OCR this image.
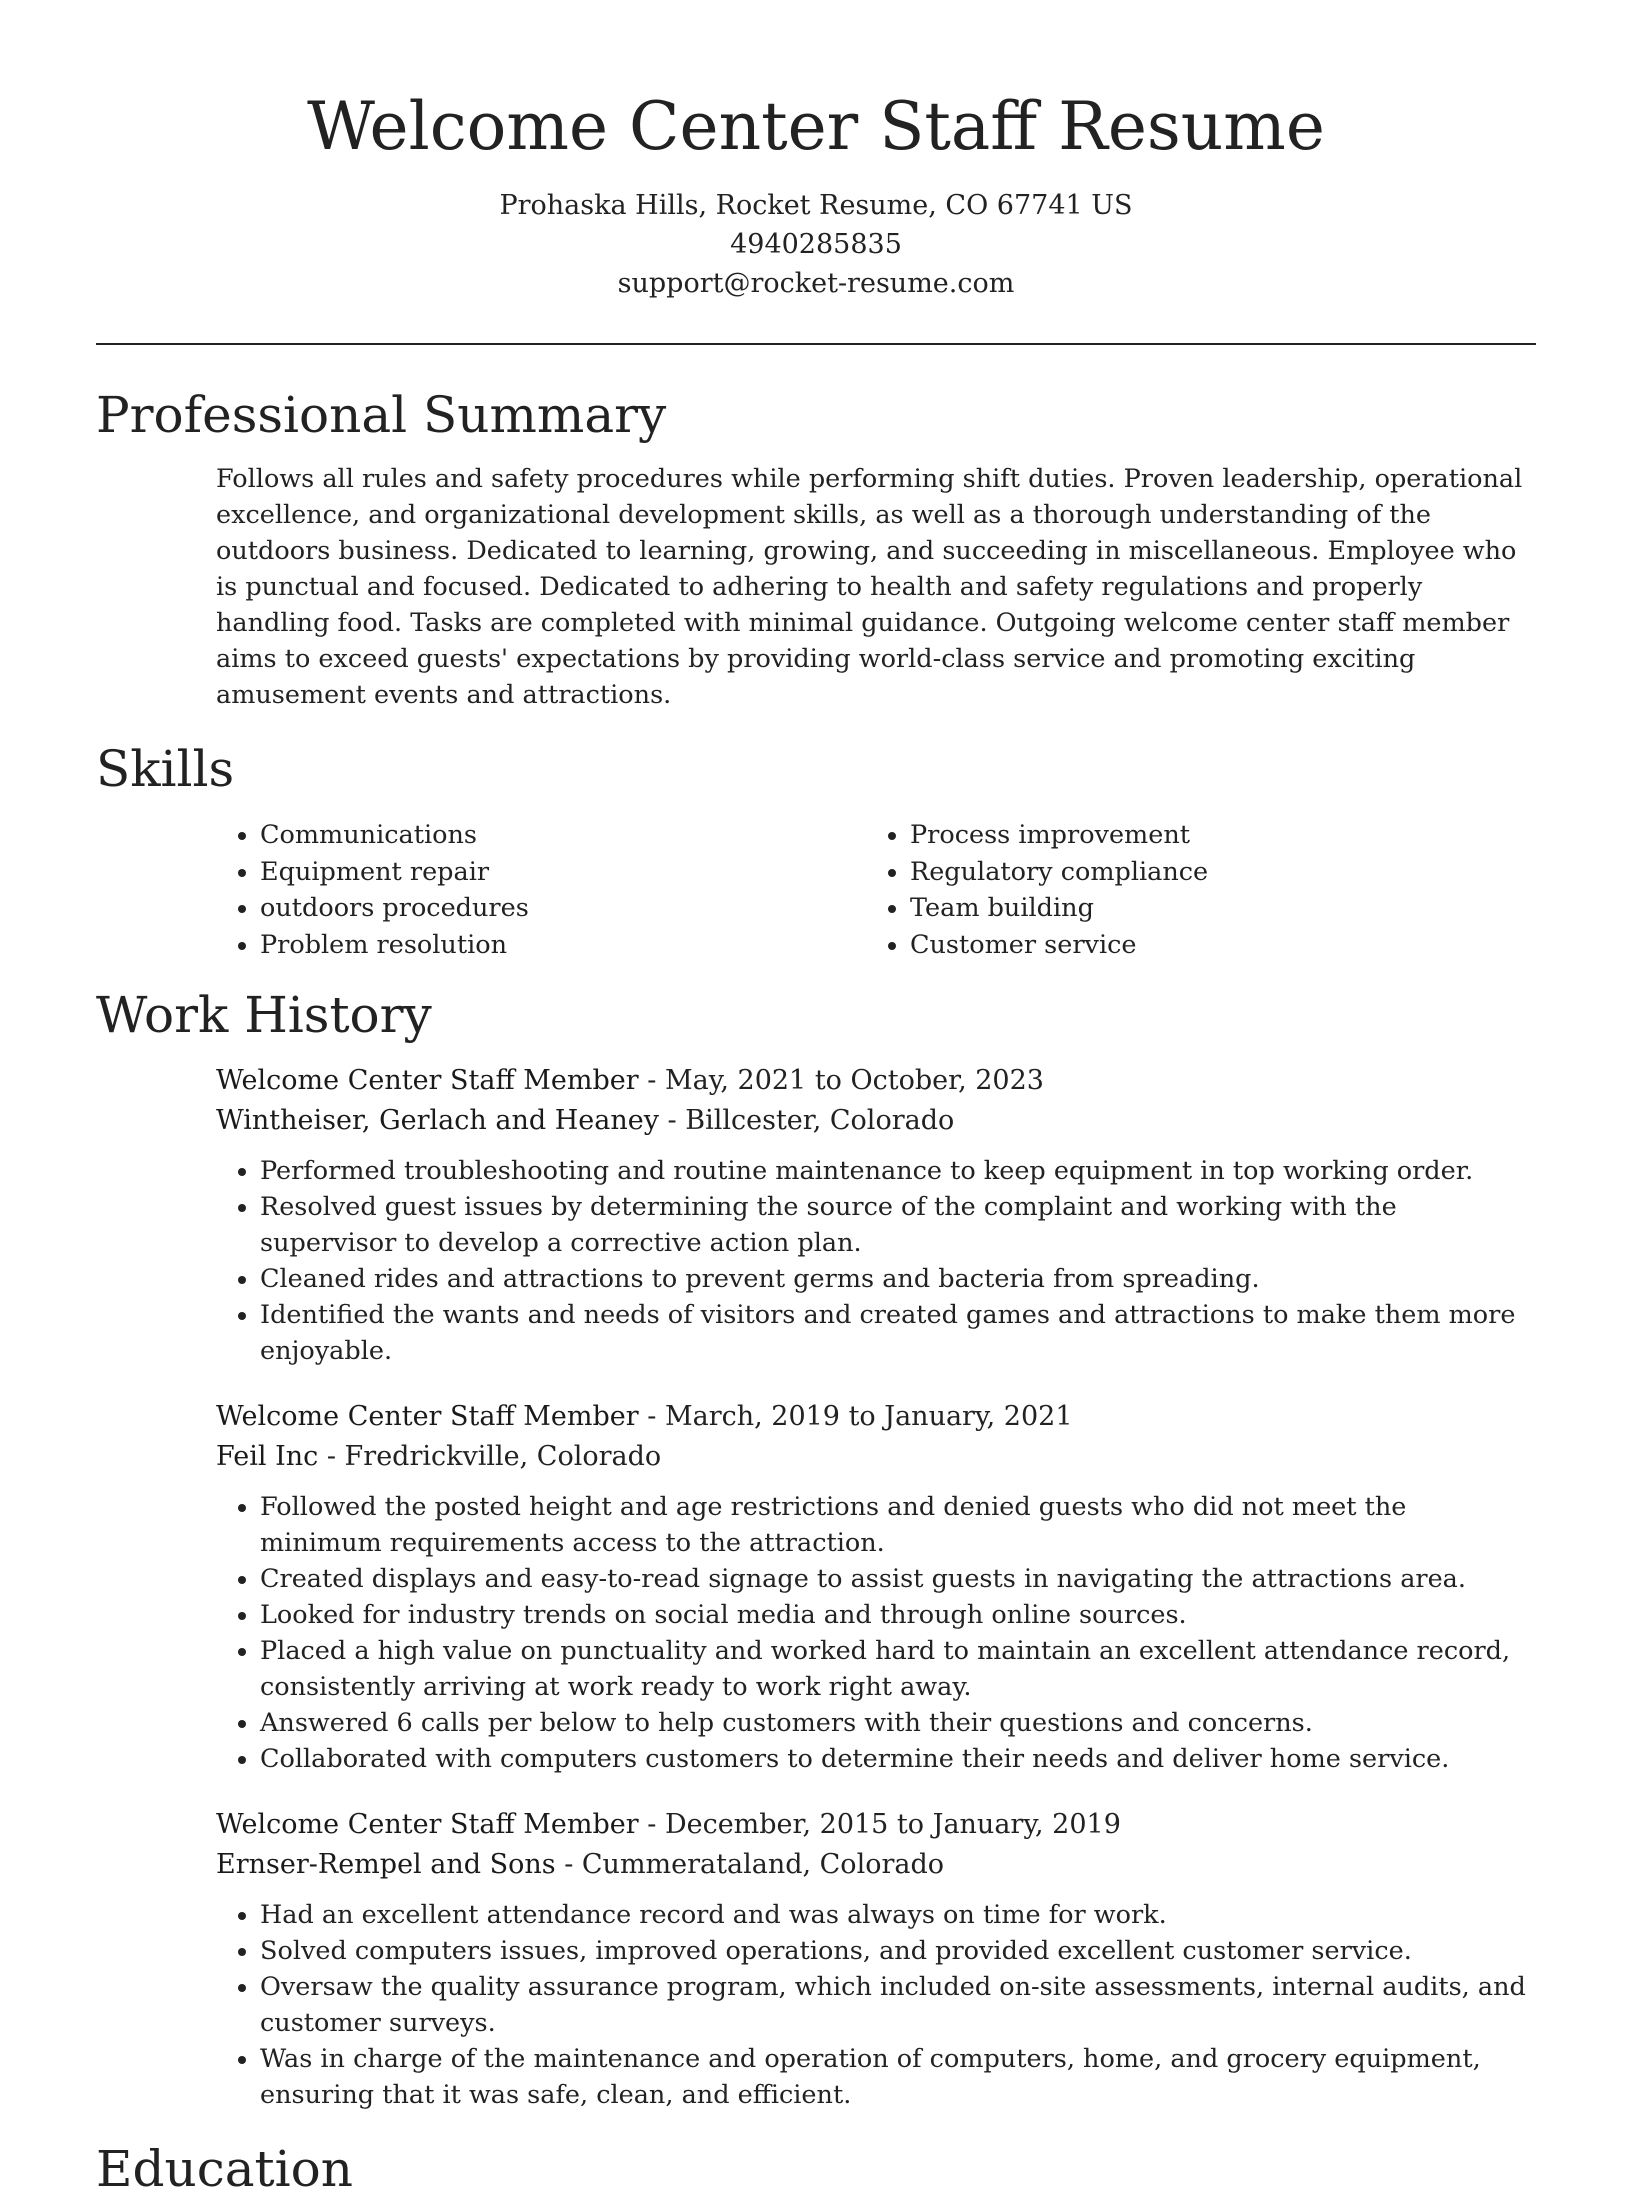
Welcome Center Staff Resume
Prohaska Hills, Rocket Resume, CO 67741 US
4940285835
support@rocket-resume.com
Professional Summary
Follows all rules and safety procedures while performing shift duties. Proven leadership, operational excellence, and organizational development skills, as well as a thorough understanding of the outdoors business. Dedicated to learning, growing, and succeeding in miscellaneous. Employee who is punctual and focused. Dedicated to adhering to health and safety regulations and properly handling food. Tasks are completed with minimal guidance. Outgoing welcome center staff member aims to exceed guests' expectations by providing world-class service and promoting exciting amusement events and attractions.
Skills
• Communications
• Equipment repair
• outdoors procedures
• Problem resolution
• Process improvement
• Regulatory compliance
• Team building
• Customer service
Work History
Welcome Center Staff Member - May, 2021 to October, 2023
Wintheiser, Gerlach and Heaney - Billcester, Colorado
• Performed troubleshooting and routine maintenance to keep equipment in top working order.
• Resolved guest issues by determining the source of the complaint and working with the supervisor to develop a corrective action plan.
• Cleaned rides and attractions to prevent germs and bacteria from spreading.
• Identified the wants and needs of visitors and created games and attractions to make them more enjoyable.
Welcome Center Staff Member - March, 2019 to January, 2021
Feil Inc - Fredrickville, Colorado
• Followed the posted height and age restrictions and denied guests who did not meet the minimum requirements access to the attraction.
• Created displays and easy-to-read signage to assist guests in navigating the attractions area.
• Looked for industry trends on social media and through online sources.
• Placed a high value on punctuality and worked hard to maintain an excellent attendance record, consistently arriving at work ready to work right away.
• Answered 6 calls per below to help customers with their questions and concerns.
• Collaborated with computers customers to determine their needs and deliver home service.
Welcome Center Staff Member - December, 2015 to January, 2019
Ernser-Rempel and Sons - Cummerataland, Colorado
• Had an excellent attendance record and was always on time for work.
• Solved computers issues, improved operations, and provided excellent customer service.
• Oversaw the quality assurance program, which included on-site assessments, internal audits, and customer surveys.
• Was in charge of the maintenance and operation of computers, home, and grocery equipment, ensuring that it was safe, clean, and efficient.
Education
